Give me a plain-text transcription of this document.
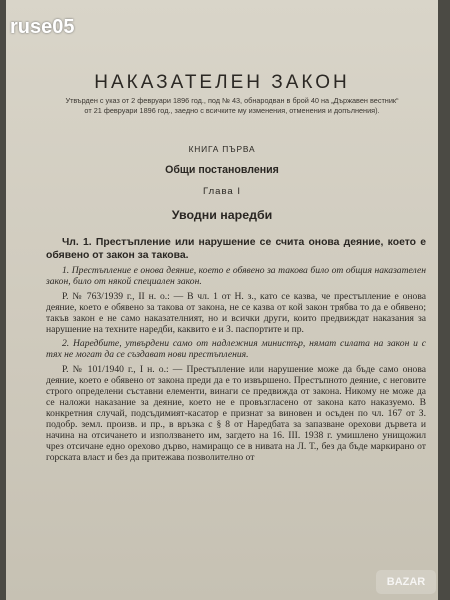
ruse05
НАКАЗАТЕЛЕН ЗАКОН
Утвърден с указ от 2 февруари 1896 год., под № 43, обнародван в брой 40 на „Държавен вестник“ от 21 февруари 1896 год., заедно с всичките му изменения, отменения и допълнения).
КНИГА ПЪРВА
Общи постановления
Глава I
Уводни наредби
Чл. 1. Престъпление или нарушение се счита онова деяние, което е обявено от закон за такова.

1. Престъпление е онова деяние, което е обявено за такова било от общия наказателен закон, било от някой специален закон.

Р. № 763/1939 г., II н. о.: — В чл. 1 от Н. з., като се казва, че престъпление е онова деяние, което е обявено за такова от закона, не се казва от кой закон трябва то да е обявено; такъв закон е не само наказателният, но и всички други, които предвиждат наказания за нарушение на техните наредби, каквито е и З. паспортите и пр.

2. Наредбите, утвърдени само от надлежния министър, нямат силата на закон и с тях не могат да се създават нови престъпления.

Р. № 101/1940 г., I н. о.: — Престъпление или нарушение може да бъде само онова деяние, което е обявено от закона преди да е то извършено. Престъпното деяние, с неговите строго определени съставни елементи, винаги се предвижда от закона. Никому не може да се наложи наказание за деяние, което не е провъзгласено от закона като наказуемо. В конкретния случай, подсъдимият-касатор е признат за виновен и осъден по чл. 167 от З. подобр. земл. произв. и пр., в връзка с § 8 от Наредбата за запазване орехови дървета и начина на отсичането и използването им, загдето на 16. III. 1938 г. умишлено унищожил чрез отсичане едно орехово дърво, намиращо се в нивата на Л. Т., без да бъде маркирано от горската власт и без да притежава позволително от

BAZAR
